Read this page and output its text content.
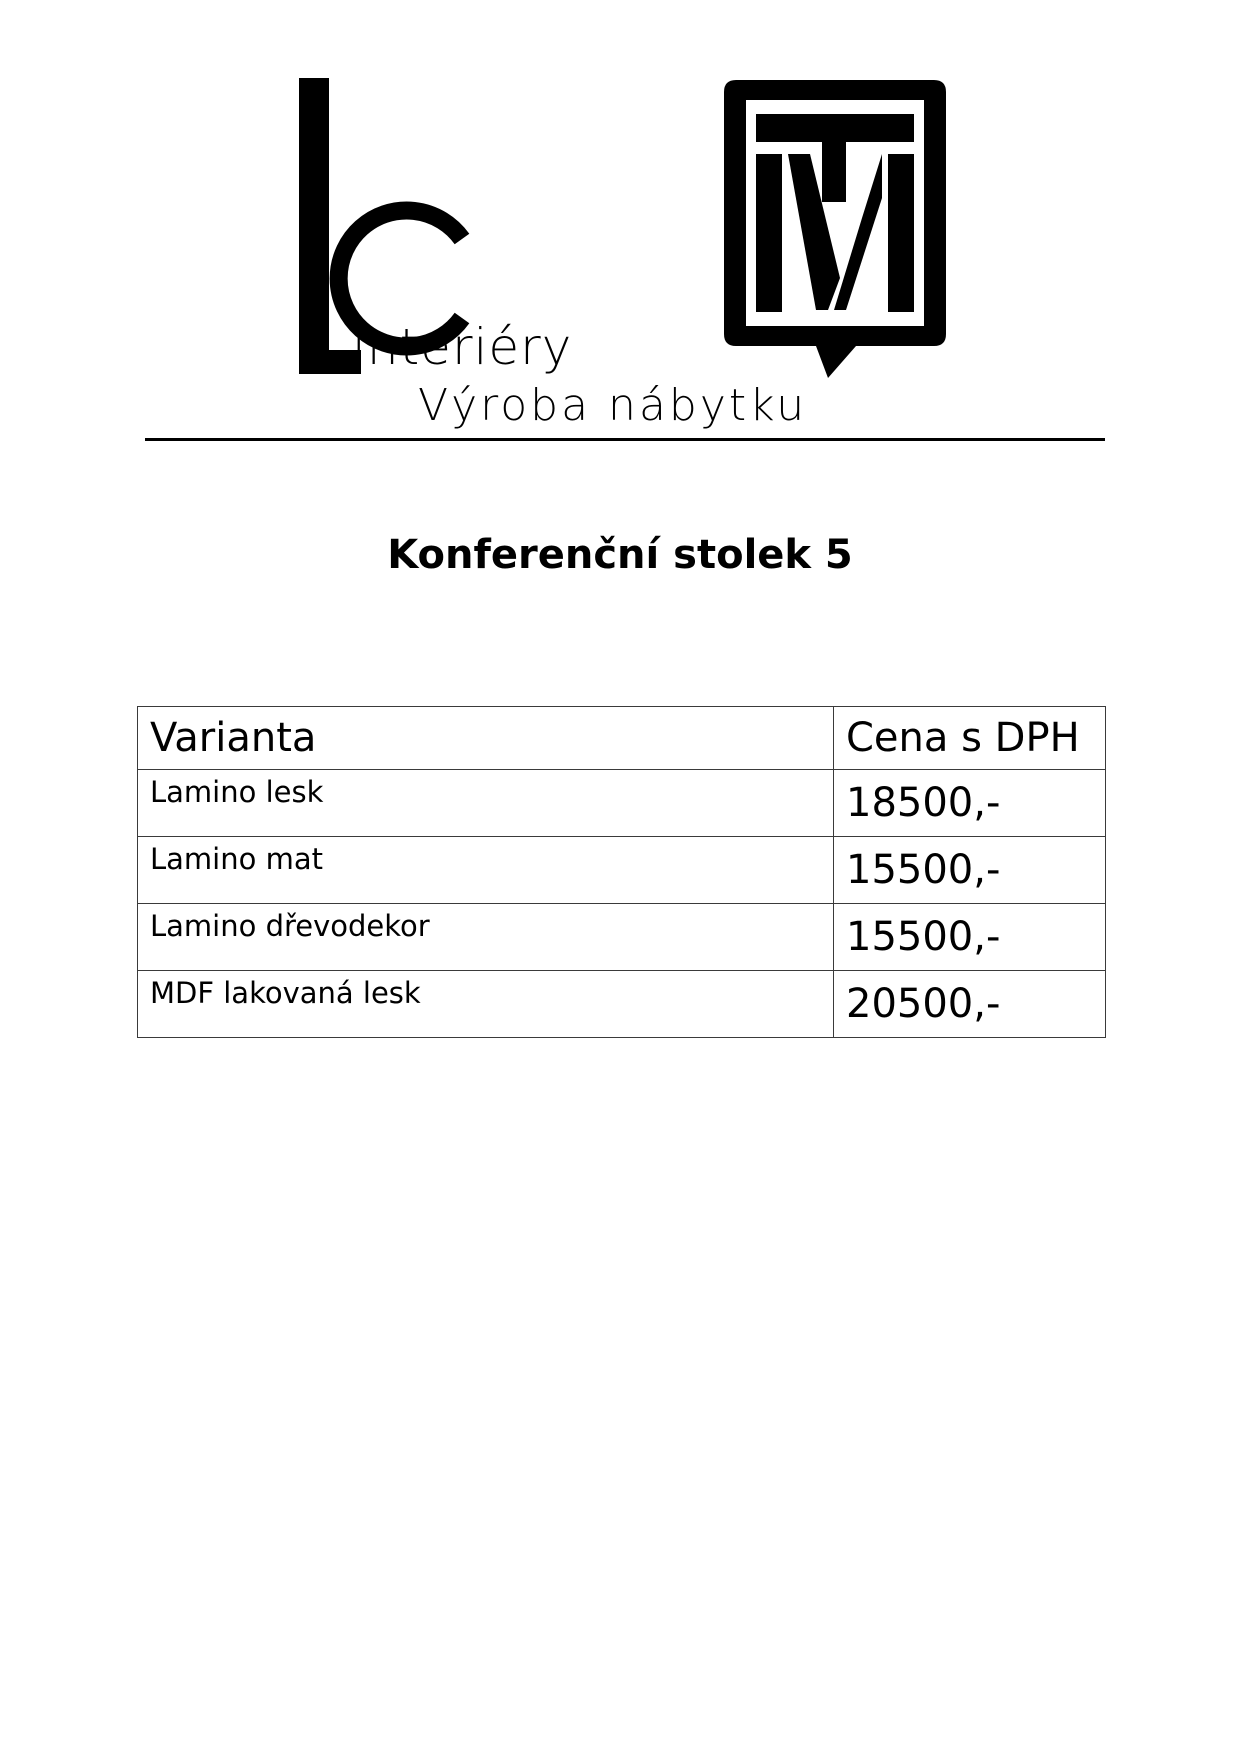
interiéry
Výroba nábytku
Konferenční stolek 5
Varianta	Cena s DPH
Lamino lesk	18500,-
Lamino mat	15500,-
Lamino dřevodekor	15500,-
MDF lakovaná lesk	20500,-
